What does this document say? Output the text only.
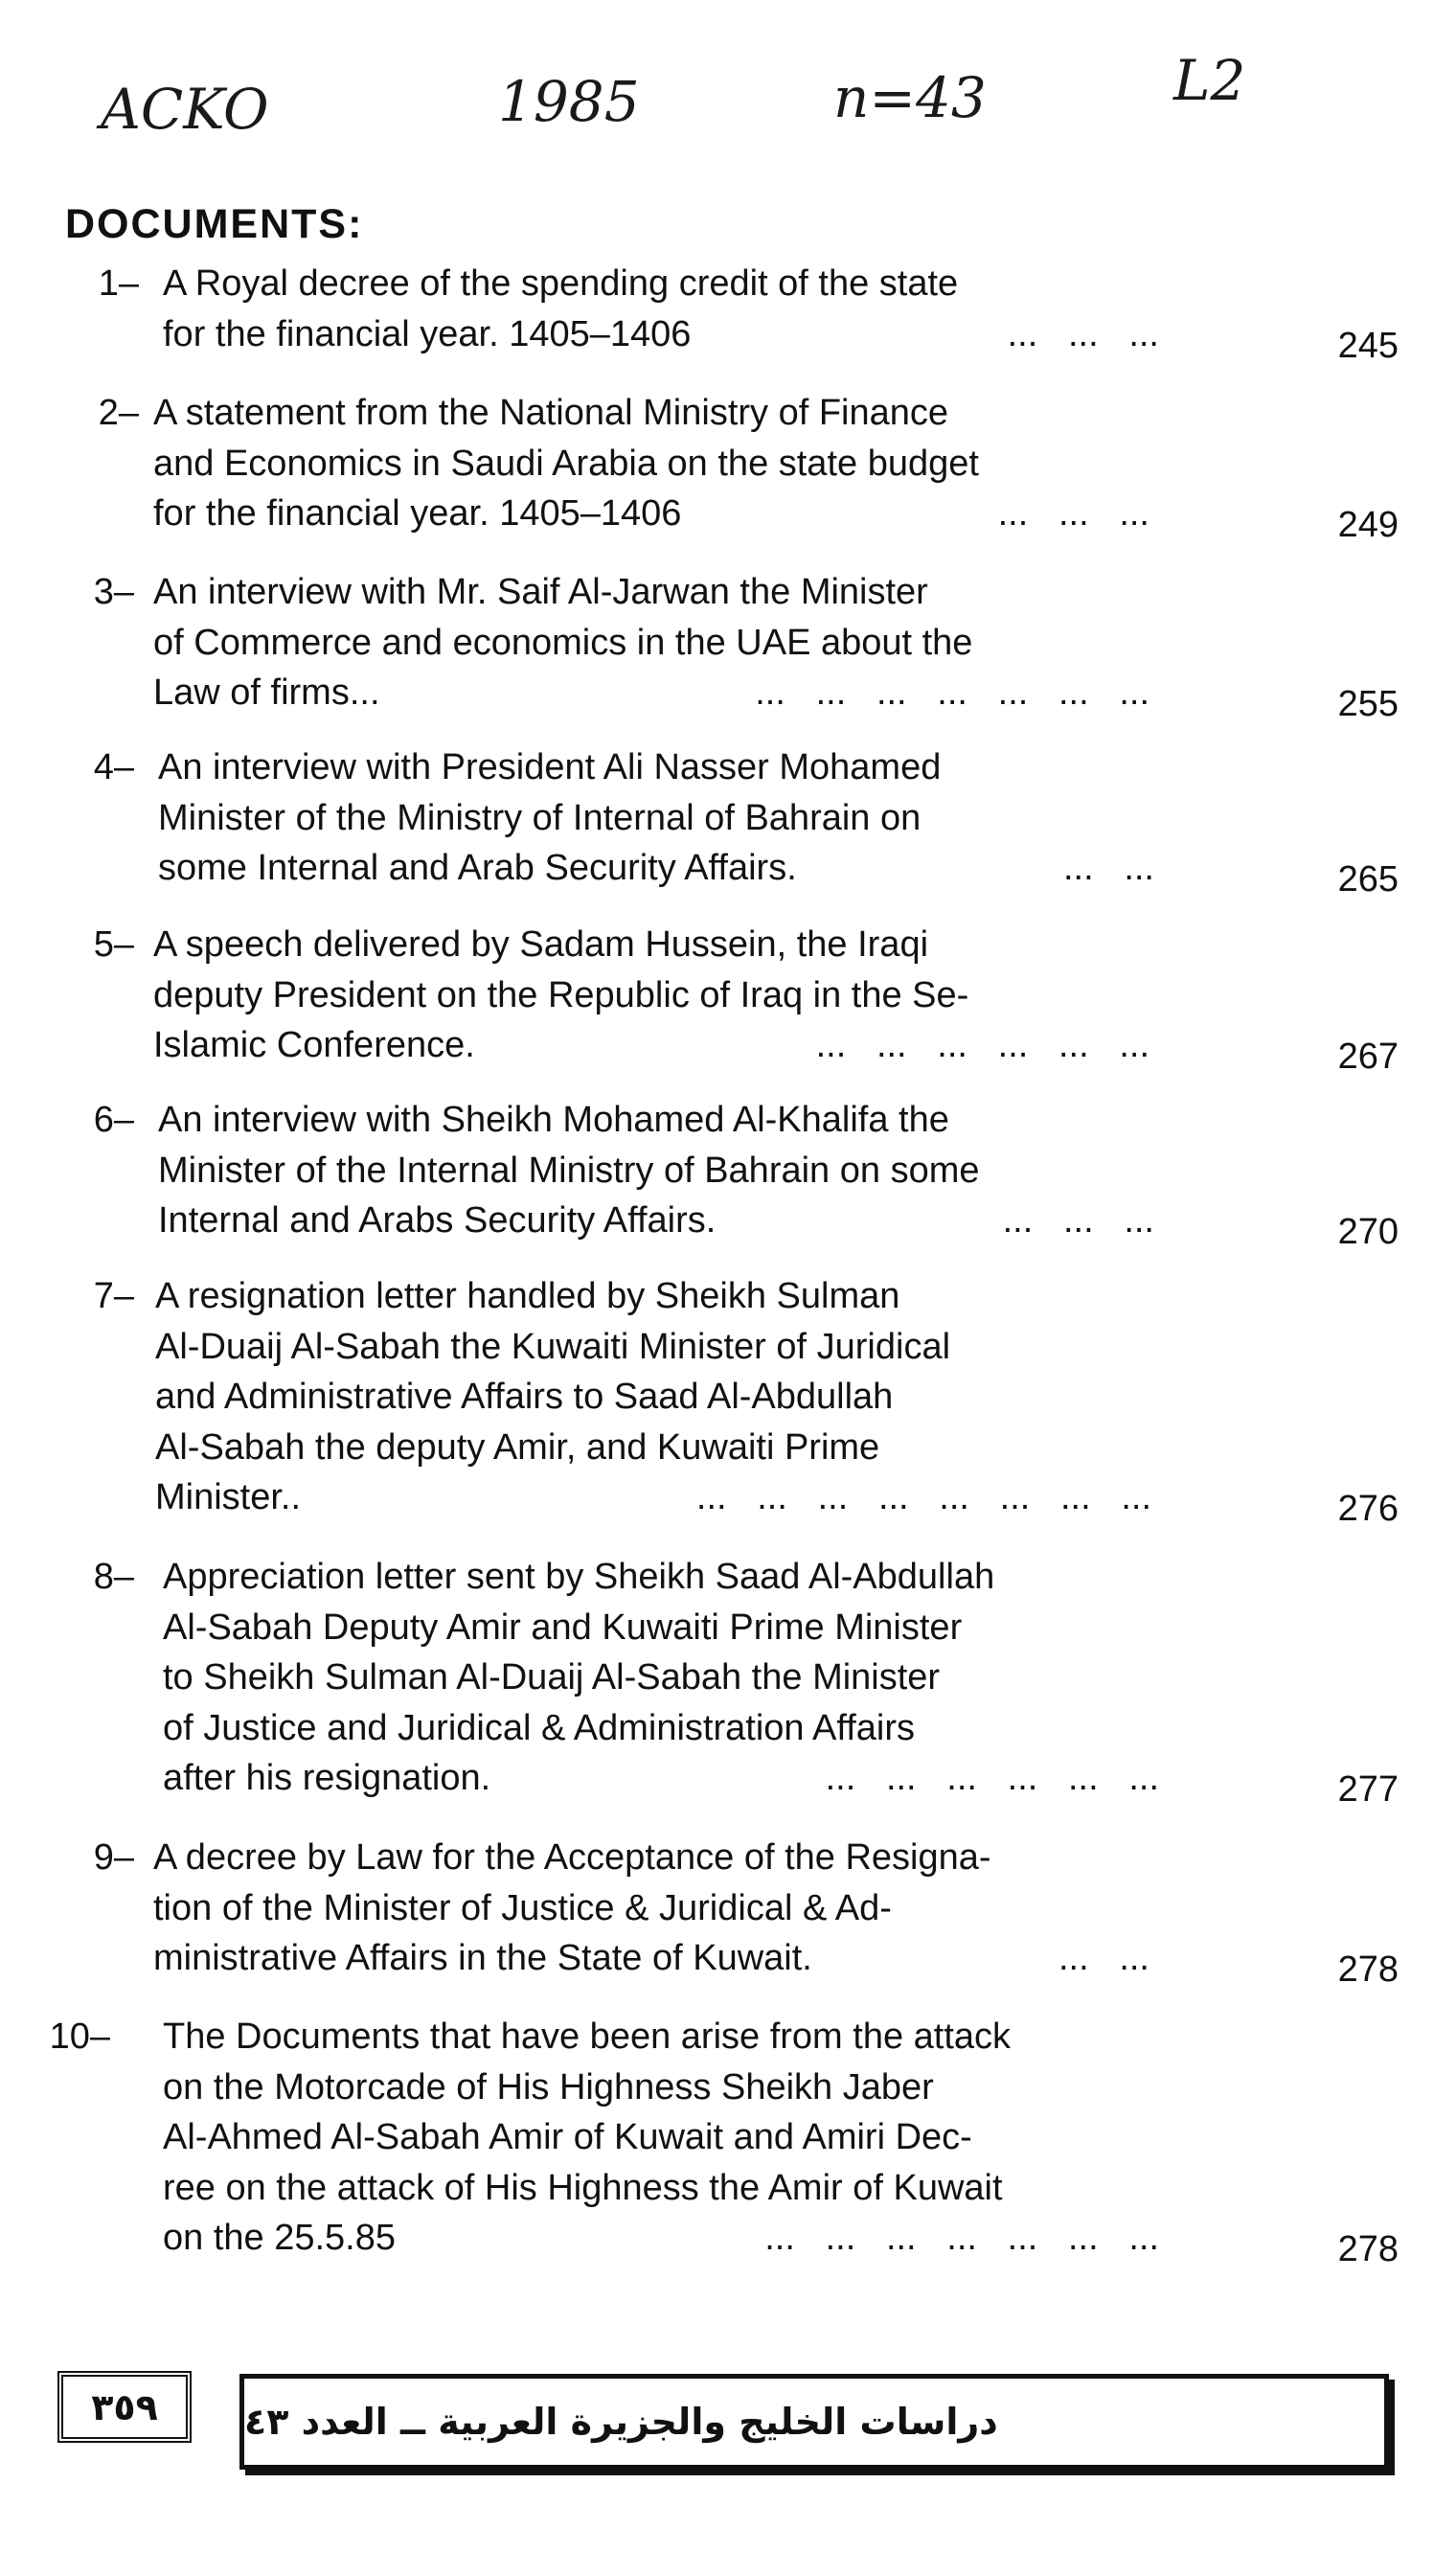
ACKO	1985	n=43	L2
DOCUMENTS:
1– A Royal decree of the spending credit of the state
for the financial year. 1405–1406	...   ...   ...	245
2– A statement from the National Ministry of Finance
and Economics in Saudi Arabia on the state budget
for the financial year. 1405–1406	...   ...   ...	249
3– An interview with Mr. Saif Al-Jarwan the Minister
of Commerce and economics in the UAE about the
Law of firms...	...   ...   ...   ...   ...   ...   ...	255
4– An interview with President Ali Nasser Mohamed
Minister of the Ministry of Internal of Bahrain on
some Internal and Arab Security Affairs.	...   ...	265
5– A speech delivered by Sadam Hussein, the Iraqi
deputy President on the Republic of Iraq in the Se-
Islamic Conference.	...   ...   ...   ...   ...   ...	267
6– An interview with Sheikh Mohamed Al-Khalifa the
Minister of the Internal Ministry of Bahrain on some
Internal and Arabs Security Affairs.	...   ...   ...	270
7– A resignation letter handled by Sheikh Sulman
Al-Duaij Al-Sabah the Kuwaiti Minister of Juridical
and Administrative Affairs to Saad Al-Abdullah
Al-Sabah the deputy Amir, and Kuwaiti Prime
Minister..	...   ...   ...   ...   ...   ...   ...   ...	276
8– Appreciation letter sent by Sheikh Saad Al-Abdullah
Al-Sabah Deputy Amir and Kuwaiti Prime Minister
to Sheikh Sulman Al-Duaij Al-Sabah the Minister
of Justice and Juridical & Administration Affairs
after his resignation.	...   ...   ...   ...   ...   ...	277
9– A decree by Law for the Acceptance of the Resigna-
tion of the Minister of Justice & Juridical & Ad-
ministrative Affairs in the State of Kuwait.	...   ...	278
10– The Documents that have been arise from the attack
on the Motorcade of His Highness Sheikh Jaber
Al-Ahmed Al-Sabah Amir of Kuwait and Amiri Dec-
ree on the attack of His Highness the Amir of Kuwait
on the 25.5.85	...   ...   ...   ...   ...   ...   ...	278
٣٥٩	دراسات الخليج والجزيرة العربية ــ العدد ٤٣
